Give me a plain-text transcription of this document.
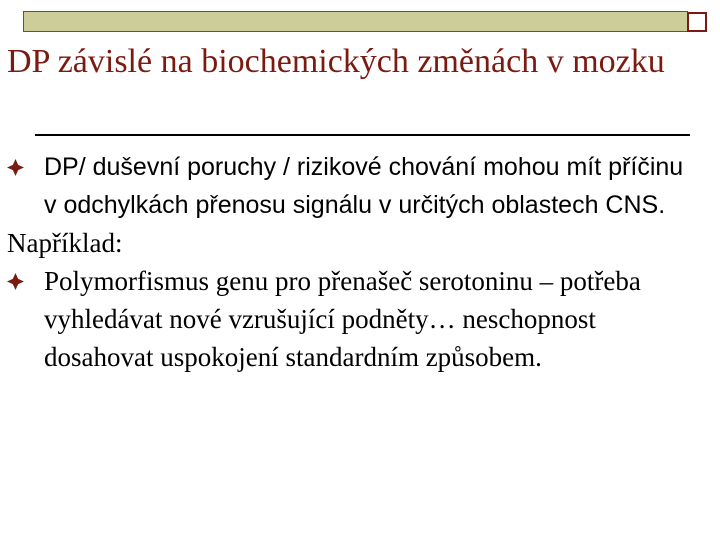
DP závislé na biochemických změnách v mozku
DP/ duševní poruchy / rizikové chování mohou mít příčinu v odchylkách přenosu signálu v určitých oblastech CNS.
Například:
Polymorfismus genu pro přenašeč serotoninu – potřeba vyhledávat nové vzrušující podněty… neschopnost dosahovat uspokojení standardním způsobem.
